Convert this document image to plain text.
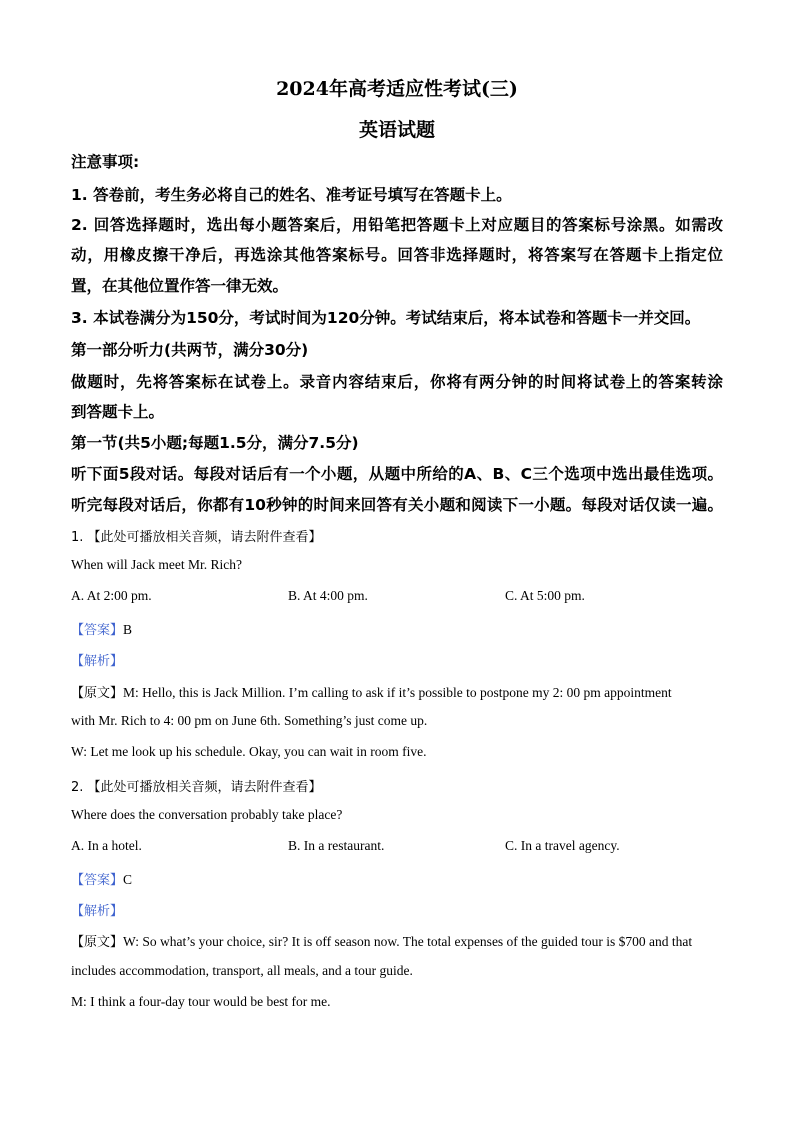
2024年高考适应性考试(三)
英语试题
注意事项:
1. 答卷前，考生务必将自己的姓名、准考证号填写在答题卡上。
2. 回答选择题时，选出每小题答案后，用铅笔把答题卡上对应题目的答案标号涂黑。如需改
动，用橡皮擦干净后，再选涂其他答案标号。回答非选择题时，将答案写在答题卡上指定位
置，在其他位置作答一律无效。
3. 本试卷满分为150分，考试时间为120分钟。考试结束后，将本试卷和答题卡一并交回。
第一部分听力(共两节，满分30分)
做题时，先将答案标在试卷上。录音内容结束后，你将有两分钟的时间将试卷上的答案转涂
到答题卡上。
第一节(共5小题;每题1.5分，满分7.5分)
听下面5段对话。每段对话后有一个小题，从题中所给的A、B、C三个选项中选出最佳选项。
听完每段对话后，你都有10秒钟的时间来回答有关小题和阅读下一小题。每段对话仅读一遍。
1. 【此处可播放相关音频，请去附件查看】
When will Jack meet Mr. Rich?
A. At 2:00 pm.	B. At 4:00 pm.	C. At 5:00 pm.
【答案】B
【解析】
【原文】M: Hello, this is Jack Million. I’m calling to ask if it’s possible to postpone my 2: 00 pm appointment
with Mr. Rich to 4: 00 pm on June 6th. Something’s just come up.
W: Let me look up his schedule. Okay, you can wait in room five.
2. 【此处可播放相关音频，请去附件查看】
Where does the conversation probably take place?
A. In a hotel.	B. In a restaurant.	C. In a travel agency.
【答案】C
【解析】
【原文】W: So what’s your choice, sir? It is off season now. The total expenses of the guided tour is $700 and that
includes accommodation, transport, all meals, and a tour guide.
M: I think a four-day tour would be best for me.
